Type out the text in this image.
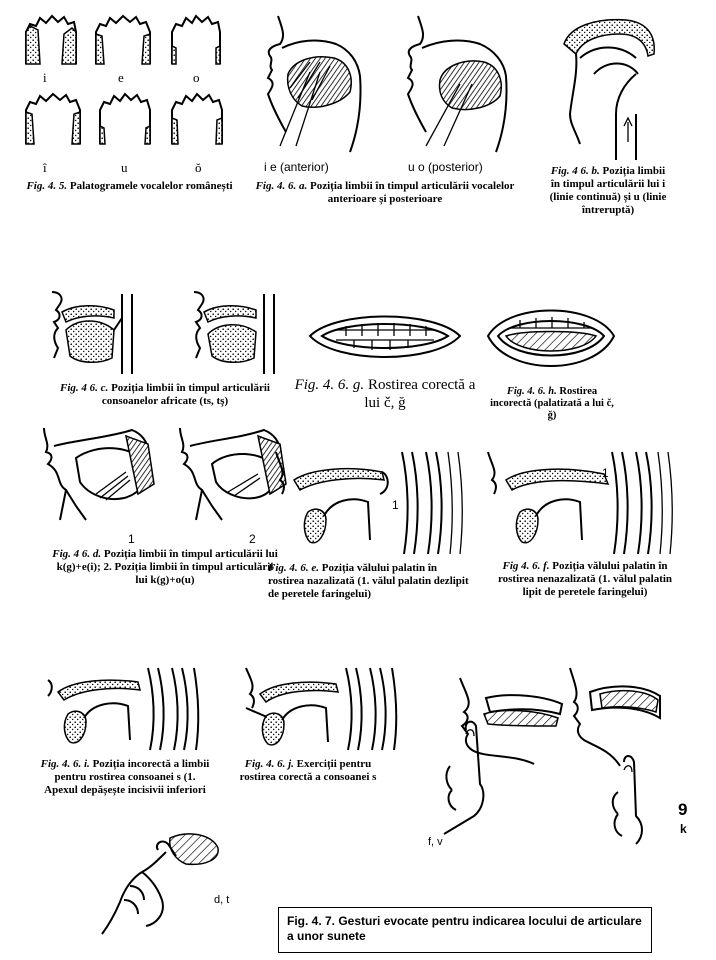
i	e	o
î	u	ŏ
Fig. 4. 5. Palatogramele vocalelor românești
i e (anterior)	u o (posterior)
Fig. 4. 6. a. Poziția limbii în timpul articulării vocalelor anterioare și posterioare
Fig. 4 6. b. Poziția limbii în timpul articulării lui i (linie continuă) și u (linie întreruptă)
Fig. 4 6. c. Poziția limbii în timpul articulării consoanelor africate (ts, tş)
Fig. 4. 6. g. Rostirea corectă a lui č, ğ
Fig. 4. 6. h. Rostirea incorectă (palatizată a lui č, ğ)
1	2
Fig. 4 6. d. Poziția limbii în timpul articulării lui k(g)+e(i); 2. Poziția limbii în timpul articulării lui k(g)+o(u)
1
Fig. 4. 6. e. Poziția vălului palatin în rostirea nazalizată (1. vălul palatin dezlipit de peretele faringelui)
1
Fig 4. 6. f. Poziția vălului palatin în rostirea nenazalizată (1. vălul palatin lipit de peretele faringelui)
Fig. 4. 6. i. Poziția incorectă a limbii pentru rostirea consoanei s (1. Apexul depășește incisivii inferiori
Fig. 4. 6. j. Exerciții pentru rostirea corectă a consoanei s
9
k
f, v
d, t
Fig. 4. 7. Gesturi evocate pentru indicarea locului de articulare a unor sunete
